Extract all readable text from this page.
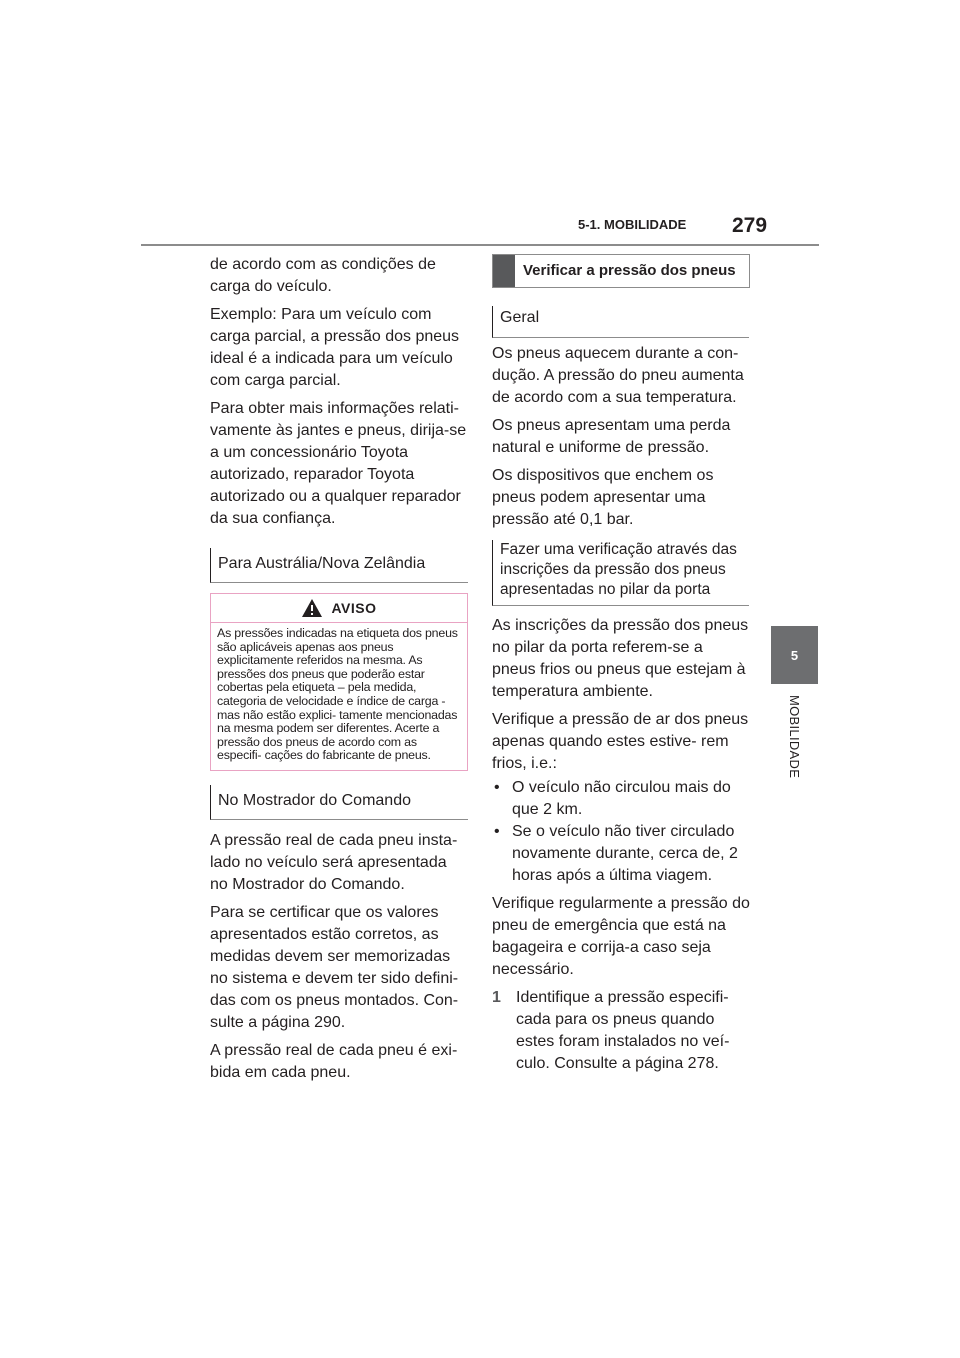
5-1. MOBILIDADE 279
5
MOBILIDADE

de acordo com as condições de carga do veículo.

Exemplo: Para um veículo com carga parcial, a pressão dos pneus ideal é a indicada para um veículo com carga parcial.

Para obter mais informações relati- vamente às jantes e pneus, dirija-se a um concessionário Toyota autorizado, reparador Toyota autorizado ou a qualquer reparador da sua confiança.

Para Austrália/Nova Zelândia
AVISO
As pressões indicadas na etiqueta dos pneus são aplicáveis apenas aos pneus explicitamente referidos na mesma. As pressões dos pneus que poderão estar cobertas pela etiqueta – pela medida, categoria de velocidade e índice de carga - mas não estão explici- tamente mencionadas na mesma podem ser diferentes. Acerte a pressão dos pneus de acordo com as especifi- cações do fabricante de pneus.
No Mostrador do Comando

A pressão real de cada pneu insta- lado no veículo será apresentada no Mostrador do Comando.

Para se certificar que os valores apresentados estão corretos, as medidas devem ser memorizadas no sistema e devem ter sido defini- das com os pneus montados. Con- sulte a página 290.

A pressão real de cada pneu é exi- bida em cada pneu.

Verificar a pressão dos pneus
Geral

Os pneus aquecem durante a con- dução. A pressão do pneu aumenta de acordo com a sua temperatura.

Os pneus apresentam uma perda natural e uniforme de pressão.

Os dispositivos que enchem os pneus podem apresentar uma pressão até 0,1 bar.

Fazer uma verificação através das inscrições da pressão dos pneus apresentadas no pilar da porta

As inscrições da pressão dos pneus no pilar da porta referem-se a pneus frios ou pneus que estejam à temperatura ambiente.

Verifique a pressão de ar dos pneus apenas quando estes estive- rem frios, i.e.:

• O veículo não circulou mais do que 2 km.
• Se o veículo não tiver circulado novamente durante, cerca de, 2 horas após a última viagem.

Verifique regularmente a pressão do pneu de emergência que está na bagageira e corrija-a caso seja necessário.

1 Identifique a pressão especifi- cada para os pneus quando estes foram instalados no veí- culo. Consulte a página 278.
